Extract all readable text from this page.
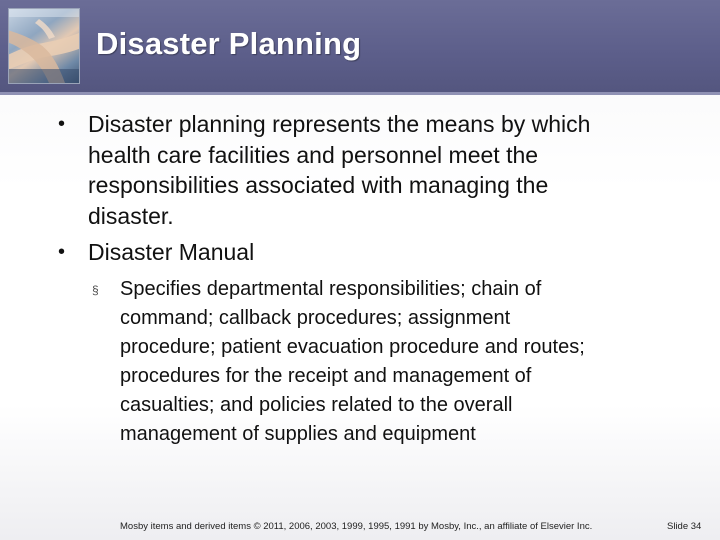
Disaster Planning
• Disaster planning represents the means by which
health care facilities and personnel meet the
responsibilities associated with managing the
disaster.
• Disaster Manual
§ Specifies departmental responsibilities; chain of
command; callback procedures; assignment
procedure; patient evacuation procedure and routes;
procedures for the receipt and management of
casualties; and policies related to the overall
management of supplies and equipment
Mosby items and derived items © 2011, 2006, 2003, 1999, 1995, 1991 by Mosby, Inc., an affiliate of Elsevier Inc.	Slide 34
